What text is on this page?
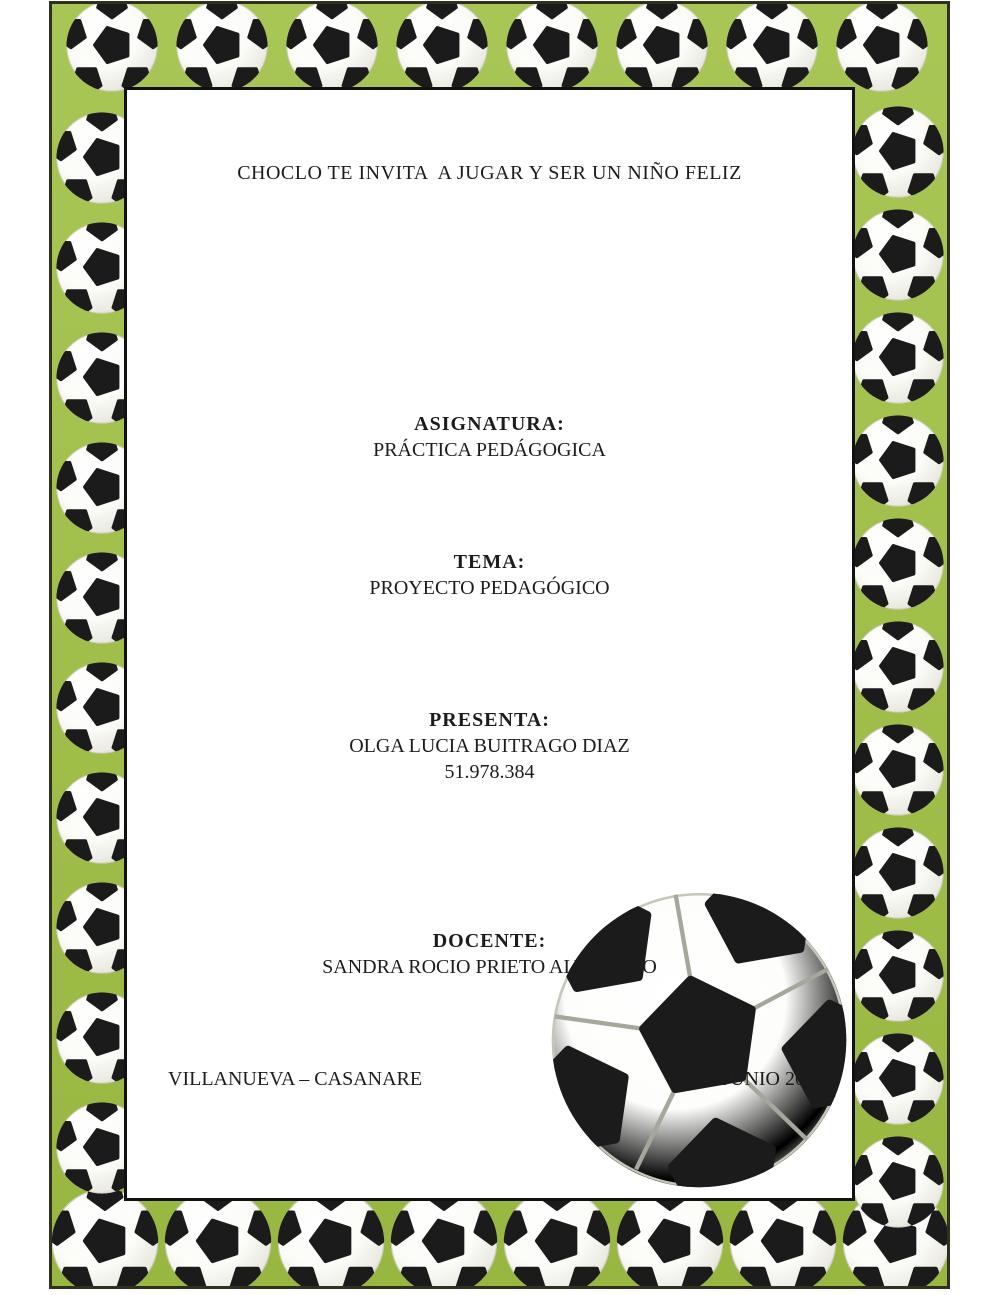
CHOCLO TE INVITA  A JUGAR Y SER UN NIÑO FELIZ
ASIGNATURA:
PRÁCTICA PEDÁGOGICA
TEMA:
PROYECTO PEDAGÓGICO
PRESENTA:
OLGA LUCIA BUITRAGO DIAZ
51.978.384
DOCENTE:
SANDRA ROCIO PRIETO ALVARADO
VILLANUEVA – CASANARE	01 JUNIO 2017
